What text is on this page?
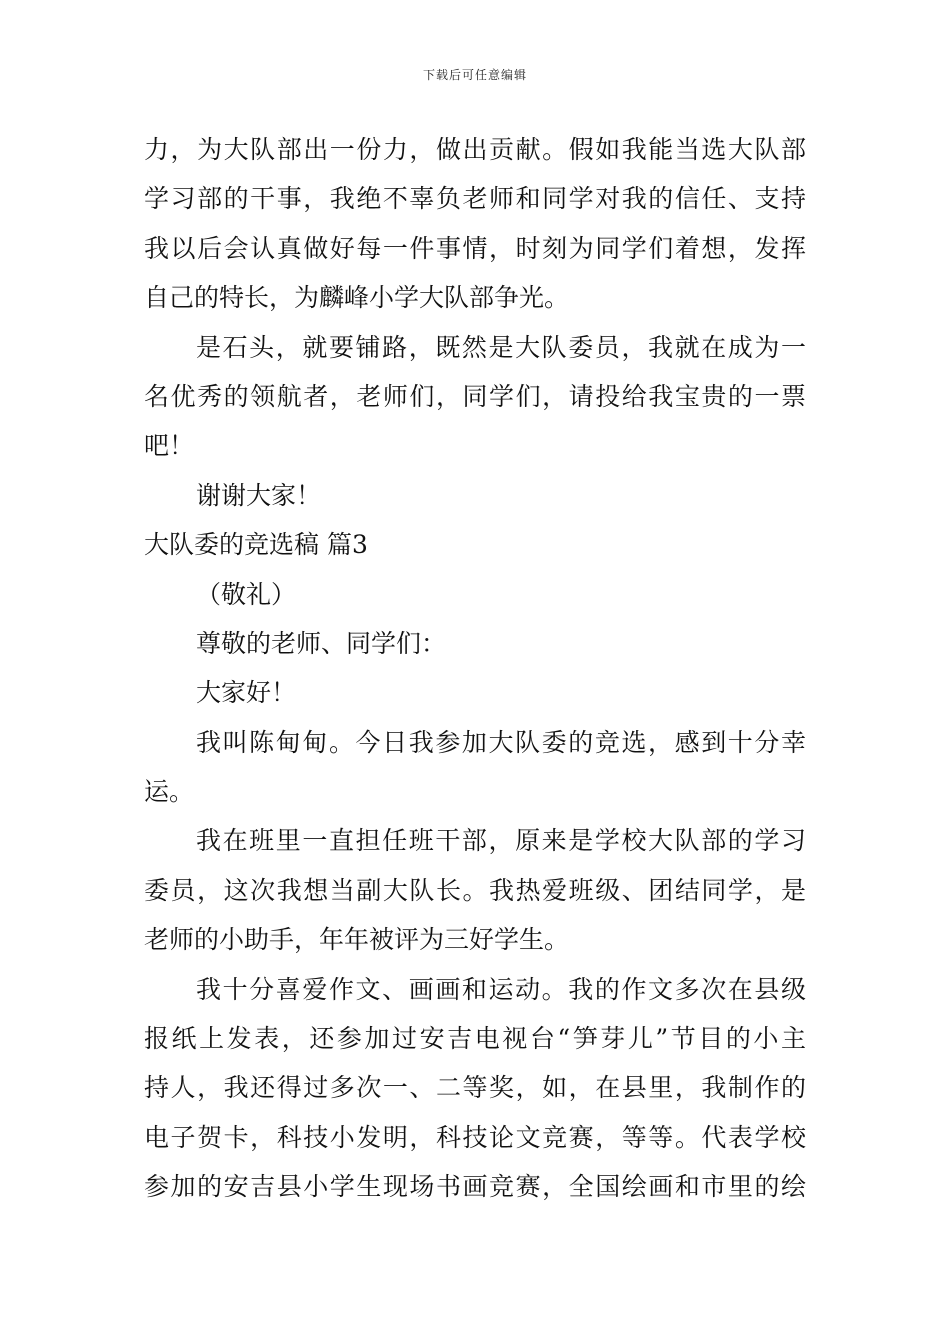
下载后可任意编辑
力，为大队部出一份力，做出贡献。假如我能当选大队部
学习部的干事，我绝不辜负老师和同学对我的信任、支持
我以后会认真做好每一件事情，时刻为同学们着想，发挥
自己的特长，为麟峰小学大队部争光。
是石头，就要铺路，既然是大队委员，我就在成为一
名优秀的领航者，老师们，同学们，请投给我宝贵的一票
吧！
谢谢大家！
大队委的竞选稿 篇3
（敬礼）
尊敬的老师、同学们：
大家好！
我叫陈甸甸。今日我参加大队委的竞选，感到十分幸
运。
我在班里一直担任班干部，原来是学校大队部的学习
委员，这次我想当副大队长。我热爱班级、团结同学，是
老师的小助手，年年被评为三好学生。
我十分喜爱作文、画画和运动。我的作文多次在县级
报纸上发表，还参加过安吉电视台“笋芽儿”节目的小主
持人，我还得过多次一、二等奖，如，在县里，我制作的
电子贺卡，科技小发明，科技论文竞赛，等等。代表学校
参加的安吉县小学生现场书画竞赛，全国绘画和市里的绘
